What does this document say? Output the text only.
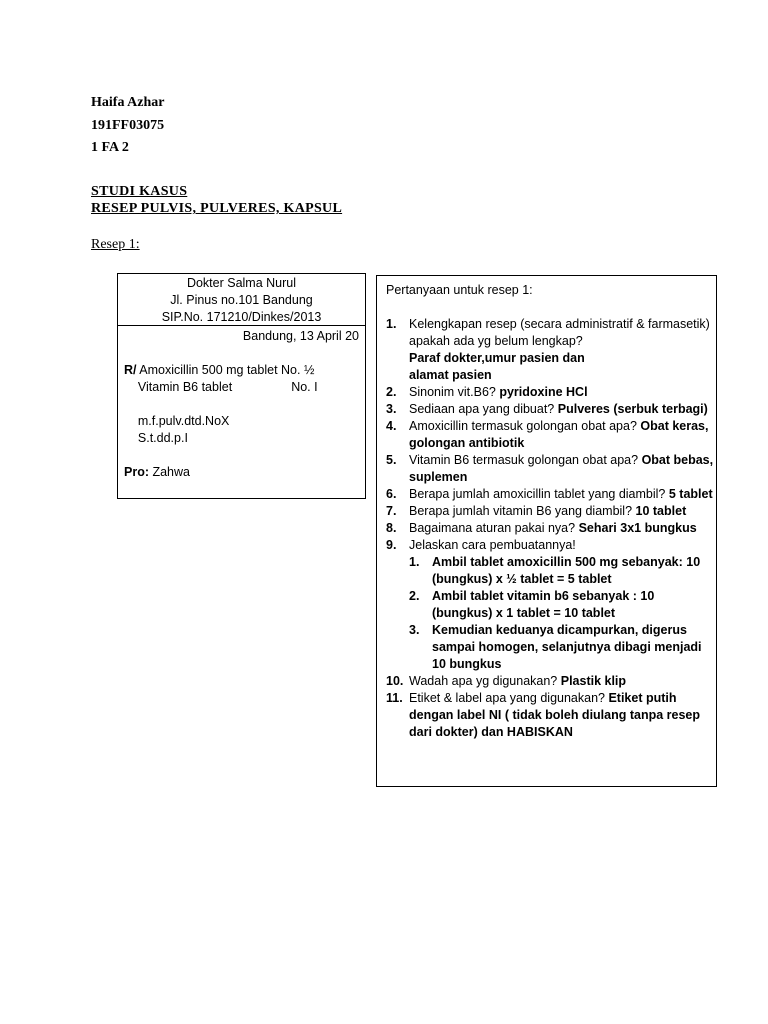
Haifa Azhar
191FF03075
1 FA 2
STUDI KASUS
RESEP PULVIS, PULVERES, KAPSUL
Resep 1:
Dokter Salma Nurul
Jl. Pinus no.101 Bandung
SIP.No. 171210/Dinkes/2013
Bandung, 13 April 20
R/ Amoxicillin 500 mg tablet No. ½
Vitamin B6 tablet                 No. I
m.f.pulv.dtd.NoX
S.t.dd.p.I
Pro: Zahwa
Pertanyaan untuk resep 1:
1. Kelengkapan resep (secara administratif & farmasetik) apakah ada yg belum lengkap?
Paraf dokter,umur pasien dan alamat pasien
2. Sinonim vit.B6? pyridoxine HCl
3. Sediaan apa yang dibuat? Pulveres (serbuk terbagi)
4. Amoxicillin termasuk golongan obat apa? Obat keras, golongan antibiotik
5. Vitamin B6 termasuk golongan obat apa? Obat bebas, suplemen
6. Berapa jumlah amoxicillin tablet yang diambil? 5 tablet
7. Berapa jumlah vitamin B6 yang diambil? 10 tablet
8. Bagaimana aturan pakai nya? Sehari 3x1 bungkus
9. Jelaskan cara pembuatannya!
1. Ambil tablet amoxicillin 500 mg sebanyak: 10 (bungkus) x ½ tablet = 5 tablet
2. Ambil tablet vitamin b6 sebanyak : 10 (bungkus) x 1 tablet = 10 tablet
3. Kemudian keduanya dicampurkan, digerus sampai homogen, selanjutnya dibagi menjadi 10 bungkus
10. Wadah apa yg digunakan? Plastik klip
11. Etiket & label apa yang digunakan? Etiket putih dengan label NI ( tidak boleh diulang tanpa resep dari dokter) dan HABISKAN
